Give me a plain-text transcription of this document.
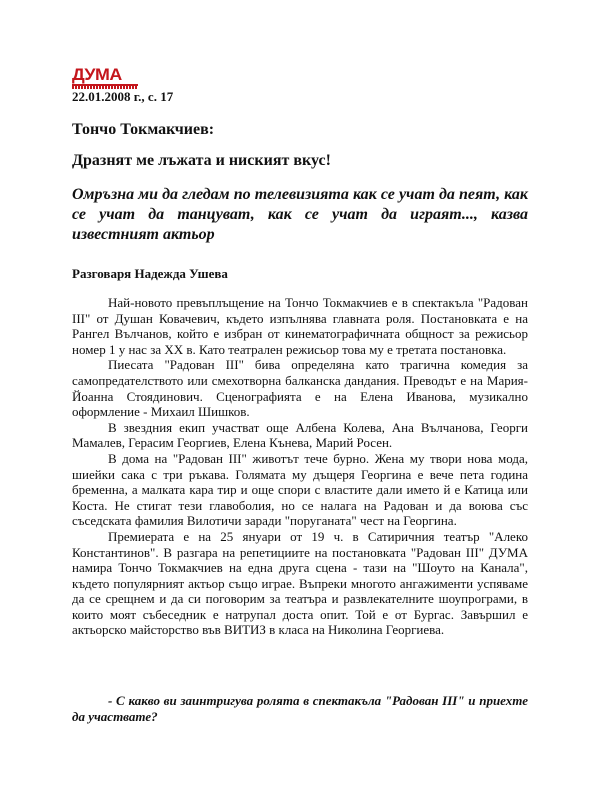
ДУМА
22.01.2008 г., с. 17
Тончо Токмакчиев:
Дразнят ме лъжата и ниският вкус!
Омръзна ми да гледам по телевизията как се учат да пеят, как се учат да танцуват, как се учат да играят..., казва известният актьор
Разговаря Надежда Ушева

Най-новото превъплъщение на Тончо Токмакчиев е в спектакъла "Радован III" от Душан Ковачевич, където изпълнява главната роля. Постановката е на Рангел Вълчанов, който е избран от кинематографичната общност за режисьор номер 1 у нас за XX в. Като театрален режисьор това му е третата постановка.

Пиесата "Радован III" бива определяна като трагична комедия за самопредателството или смехотворна балканска дандания. Преводът е на Мария-Йоанна Стоядинович. Сценографията е на Елена Иванова, музикално оформление - Михаил Шишков.

В звездния екип участват още Албена Колева, Ана Вълчанова, Георги Мамалев, Герасим Георгиев, Елена Кънева, Марий Росен.

В дома на "Радован III" животът тече бурно. Жена му твори нова мода, шиейки сака с три ръкава. Голямата му дъщеря Георгина е вече пета година бременна, а малката кара тир и още спори с властите дали името й е Катица или Коста. Не стигат тези главоболия, но се налага на Радован и да воюва със съседската фамилия Вилотичи заради "поруганата" чест на Георгина.

Премиерата е на 25 януари от 19 ч. в Сатиричния театър "Алеко Константинов". В разгара на репетициите на постановката "Радован III" ДУМА намира Тончо Токмакчиев на една друга сцена - тази на "Шоуто на Канала", където популярният актьор също играе. Въпреки многото ангажименти успяваме да се срещнем и да си поговорим за театъра и развлекателните шоупрограми, в които моят събеседник е натрупал доста опит. Той е от Бургас. Завършил е актьорско майсторство във ВИТИЗ в класа на Николина Георгиева.

- С какво ви заинтригува ролята в спектакъла "Радован III" и приехте да участвате?
